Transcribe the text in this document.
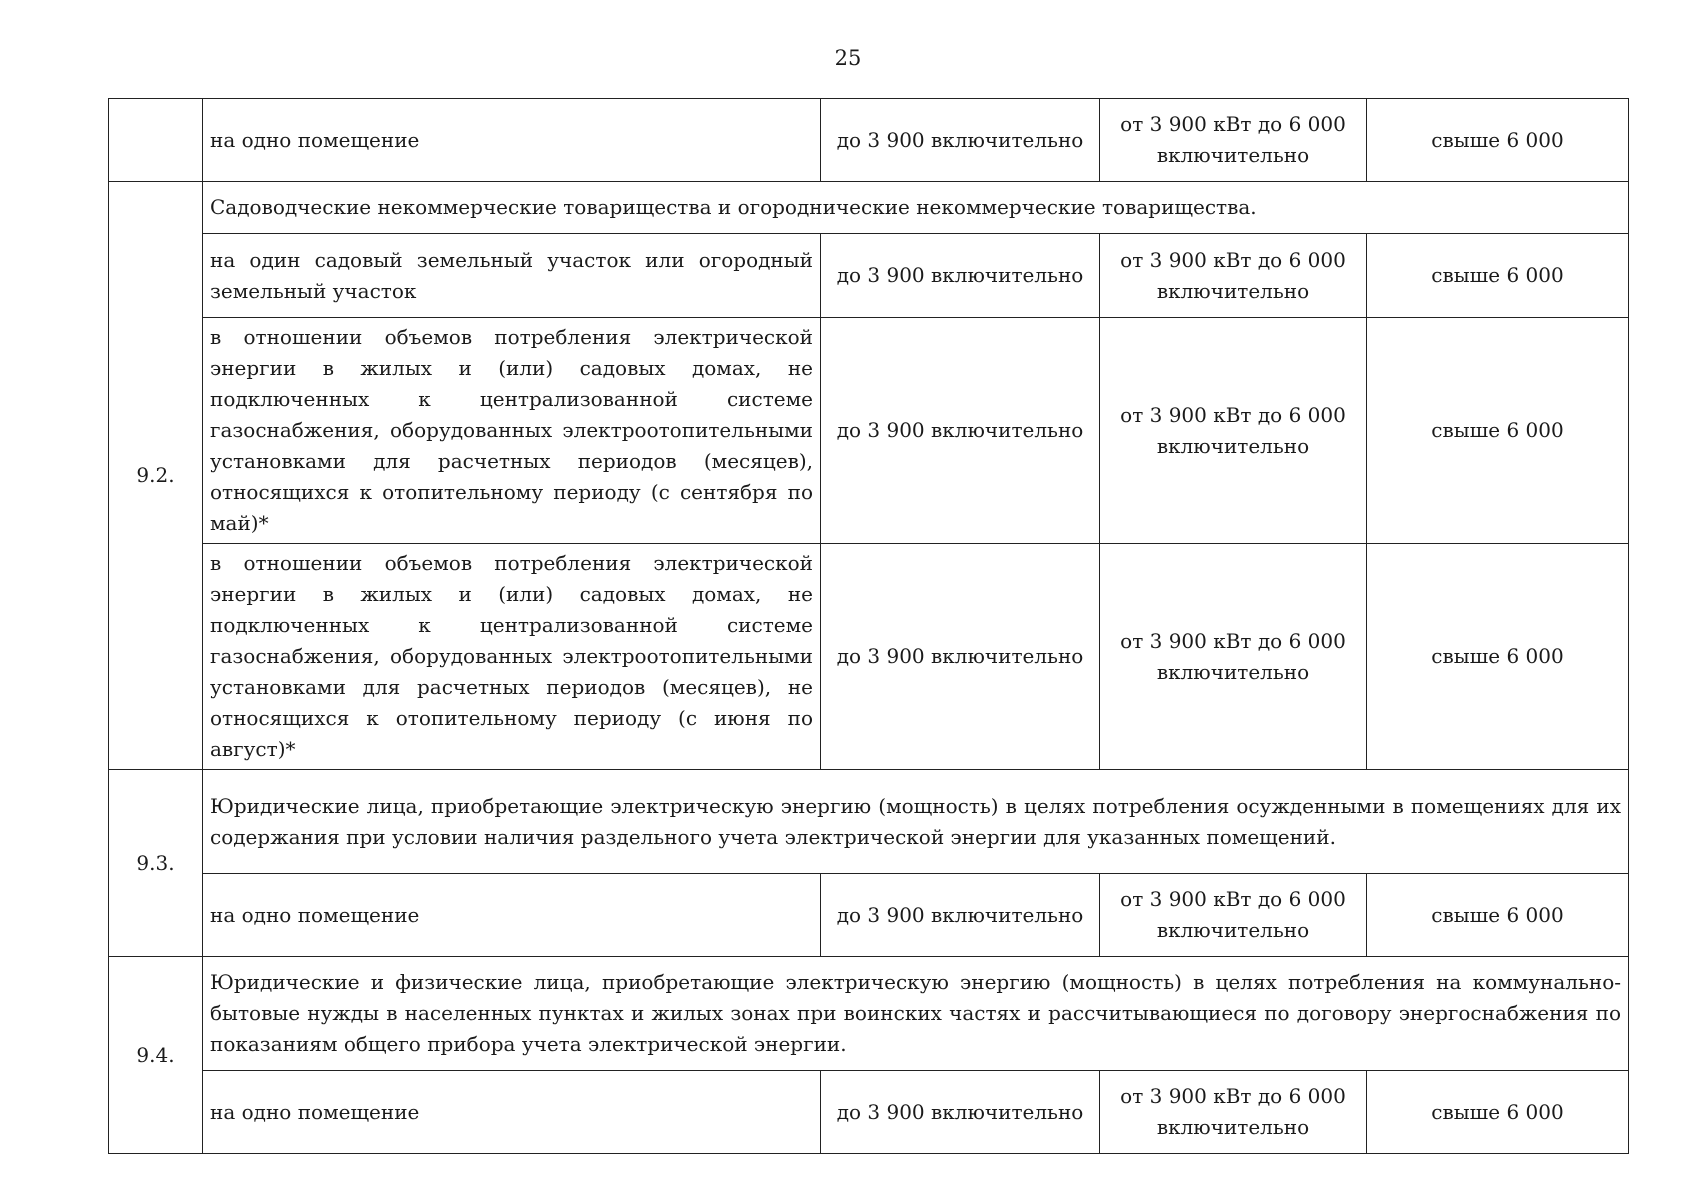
25
	на одно помещение	до 3 900 включительно	от 3 900 кВт до 6 000 включительно	свыше 6 000
9.2.	Садоводческие некоммерческие товарищества и огороднические некоммерческие товарищества.			
	на один садовый земельный участок или огородный земельный участок	до 3 900 включительно	от 3 900 кВт до 6 000 включительно	свыше 6 000
	в отношении объемов потребления электрической энергии в жилых и (или) садовых домах, не подключенных к централизованной системе газоснабжения, оборудованных электроотопительными установками для расчетных периодов (месяцев), относящихся к отопительному периоду (с сентября по май)*	до 3 900 включительно	от 3 900 кВт до 6 000 включительно	свыше 6 000
	в отношении объемов потребления электрической энергии в жилых и (или) садовых домах, не подключенных к централизованной системе газоснабжения, оборудованных электроотопительными установками для расчетных периодов (месяцев), не относящихся к отопительному периоду (с июня по август)*	до 3 900 включительно	от 3 900 кВт до 6 000 включительно	свыше 6 000
9.3.	Юридические лица, приобретающие электрическую энергию (мощность) в целях потребления осужденными в помещениях для их содержания при условии наличия раздельного учета электрической энергии для указанных помещений.			
	на одно помещение	до 3 900 включительно	от 3 900 кВт до 6 000 включительно	свыше 6 000
9.4.	Юридические и физические лица, приобретающие электрическую энергию (мощность) в целях потребления на коммунально-бытовые нужды в населенных пунктах и жилых зонах при воинских частях и рассчитывающиеся по договору энергоснабжения по показаниям общего прибора учета электрической энергии.			
	на одно помещение	до 3 900 включительно	от 3 900 кВт до 6 000 включительно	свыше 6 000
